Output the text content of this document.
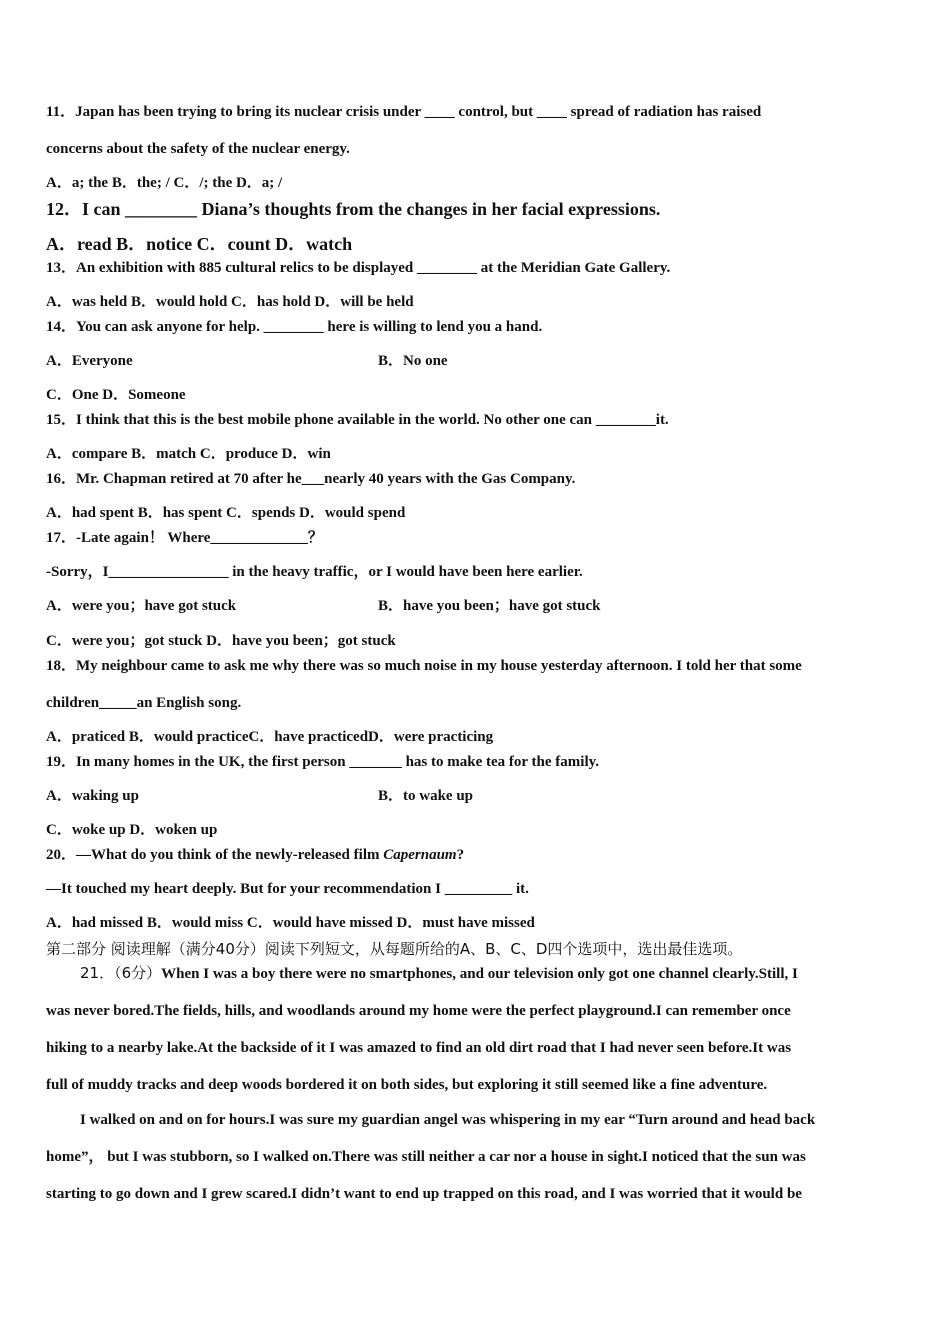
11．Japan has been trying to bring its nuclear crisis under ____ control, but ____ spread of radiation has raised
concerns about the safety of the nuclear energy.
A．a; the B．the; / C．/; the D．a; /
12．I can ________ Diana’s thoughts from the changes in her facial expressions.
A．read B．notice C．count D．watch
13．An exhibition with 885 cultural relics to be displayed ________ at the Meridian Gate Gallery.
A．was held B．would hold C．has hold D．will be held
14．You can ask anyone for help. ________ here is willing to lend you a hand.
A．Everyone	B．No one
C．One D．Someone
15．I think that this is the best mobile phone available in the world. No other one can ________it.
A．compare B．match C．produce D．win
16．Mr. Chapman retired at 70 after he___nearly 40 years with the Gas Company.
A．had spent B．has spent C．spends D．would spend
17．-Late again！ Where_____________？
-Sorry，I________________ in the heavy traffic，or I would have been here earlier.
A．were you；have got stuck	B．have you been；have got stuck
C．were you；got stuck D．have you been；got stuck
18．My neighbour came to ask me why there was so much noise in my house yesterday afternoon. I told her that some
children_____an English song.
A．praticed B．would practiceC．have practicedD．were practicing
19．In many homes in the UK, the first person _______ has to make tea for the family.
A．waking up	B．to wake up
C．woke up D．woken up
20．—What do you think of the newly-released film Capernaum?
—It touched my heart deeply. But for your recommendation I _________ it.
A．had missed B．would miss C．would have missed D．must have missed
第二部分 阅读理解（满分40分）阅读下列短文，从每题所给的A、B、C、D四个选项中，选出最佳选项。
21．（6分）When I was a boy there were no smartphones, and our television only got one channel clearly.Still, I
was never bored.The fields, hills, and woodlands around my home were the perfect playground.I can remember once
hiking to a nearby lake.At the backside of it I was amazed to find an old dirt road that I had never seen before.It was
full of muddy tracks and deep woods bordered it on both sides, but exploring it still seemed like a fine adventure.
I walked on and on for hours.I was sure my guardian angel was whispering in my ear “Turn around and head back
home”， but I was stubborn, so I walked on.There was still neither a car nor a house in sight.I noticed that the sun was
starting to go down and I grew scared.I didn’t want to end up trapped on this road, and I was worried that it would be
